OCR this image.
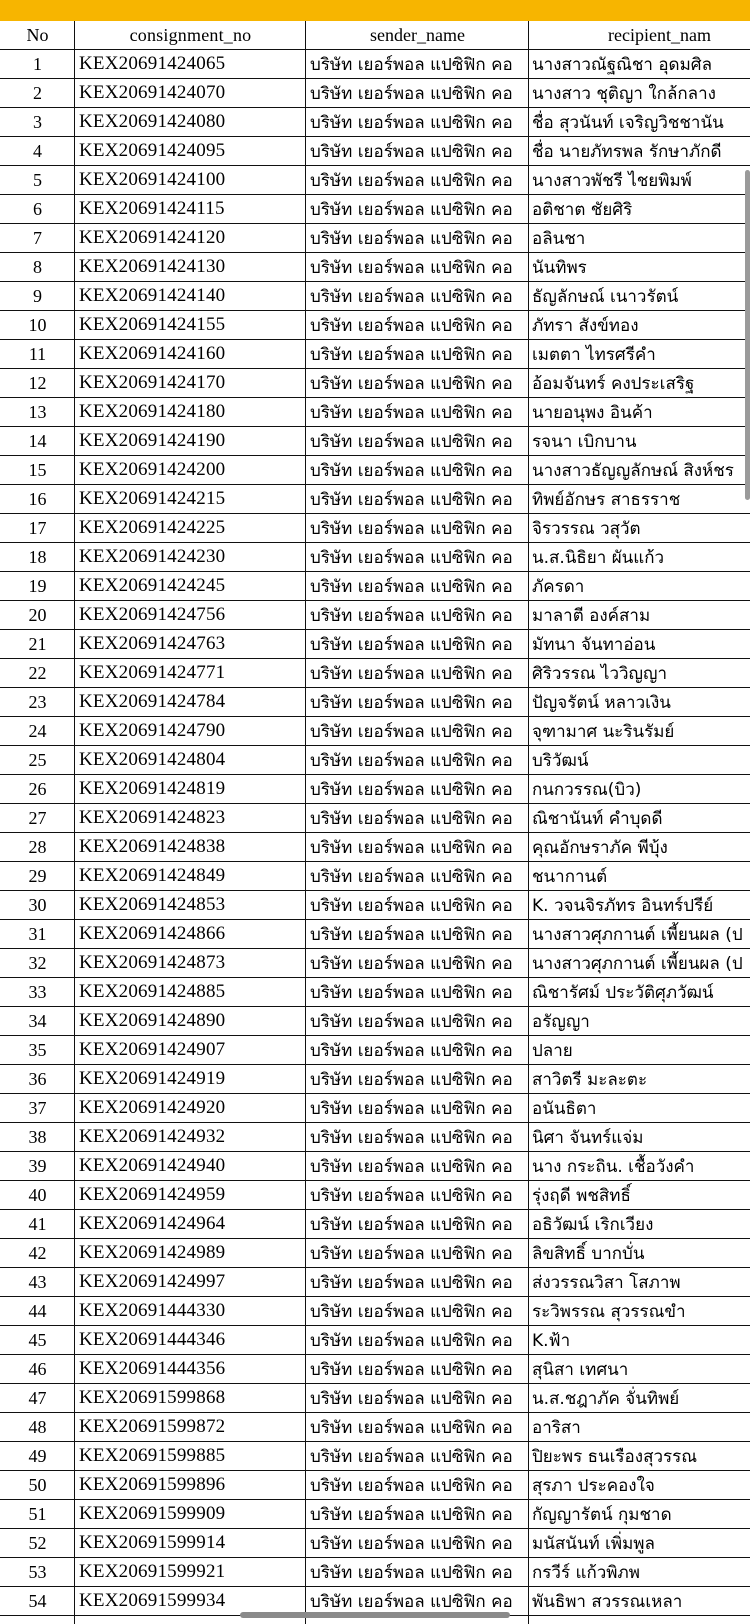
No	consignment_no	sender_name	recipient_nam
1	KEX20691424065	บริษัท เยอร์พอล แปซิฟิก คอ	นางสาวณัฐณิชา อุดมศิล
2	KEX20691424070	บริษัท เยอร์พอล แปซิฟิก คอ	นางสาว ชุติญา ใกล้กลาง
3	KEX20691424080	บริษัท เยอร์พอล แปซิฟิก คอ	ชื่อ สุวนันท์ เจริญวิชชานัน
4	KEX20691424095	บริษัท เยอร์พอล แปซิฟิก คอ	ชื่อ นายภัทรพล รักษาภักดี
5	KEX20691424100	บริษัท เยอร์พอล แปซิฟิก คอ	นางสาวพัชรี ไชยพิมพ์
6	KEX20691424115	บริษัท เยอร์พอล แปซิฟิก คอ	อติชาต ชัยศิริ
7	KEX20691424120	บริษัท เยอร์พอล แปซิฟิก คอ	อลินชา
8	KEX20691424130	บริษัท เยอร์พอล แปซิฟิก คอ	นันทิพร
9	KEX20691424140	บริษัท เยอร์พอล แปซิฟิก คอ	ธัญลักษณ์ เนาวรัตน์
10	KEX20691424155	บริษัท เยอร์พอล แปซิฟิก คอ	ภัทรา สังข์ทอง
11	KEX20691424160	บริษัท เยอร์พอล แปซิฟิก คอ	เมตตา ไทรศรีคำ
12	KEX20691424170	บริษัท เยอร์พอล แปซิฟิก คอ	อ้อมจันทร์ คงประเสริฐ
13	KEX20691424180	บริษัท เยอร์พอล แปซิฟิก คอ	นายอนุพง อินค้า
14	KEX20691424190	บริษัท เยอร์พอล แปซิฟิก คอ	รจนา เบิกบาน
15	KEX20691424200	บริษัท เยอร์พอล แปซิฟิก คอ	นางสาวธัญญลักษณ์ สิงห์ชร
16	KEX20691424215	บริษัท เยอร์พอล แปซิฟิก คอ	ทิพย์อักษร สาธรราช
17	KEX20691424225	บริษัท เยอร์พอล แปซิฟิก คอ	จิรวรรณ วสุวัต
18	KEX20691424230	บริษัท เยอร์พอล แปซิฟิก คอ	น.ส.นิธิยา ผันแก้ว
19	KEX20691424245	บริษัท เยอร์พอล แปซิฟิก คอ	ภัครดา
20	KEX20691424756	บริษัท เยอร์พอล แปซิฟิก คอ	มาลาตี องค์สาม
21	KEX20691424763	บริษัท เยอร์พอล แปซิฟิก คอ	มัทนา จันทาอ่อน
22	KEX20691424771	บริษัท เยอร์พอล แปซิฟิก คอ	ศิริวรรณ ไววิญญา
23	KEX20691424784	บริษัท เยอร์พอล แปซิฟิก คอ	ปัญจรัตน์ หลาวเงิน
24	KEX20691424790	บริษัท เยอร์พอล แปซิฟิก คอ	จุฑามาศ นะรินรัมย์
25	KEX20691424804	บริษัท เยอร์พอล แปซิฟิก คอ	บริวัฒน์
26	KEX20691424819	บริษัท เยอร์พอล แปซิฟิก คอ	กนกวรรณ(บิว)
27	KEX20691424823	บริษัท เยอร์พอล แปซิฟิก คอ	ณิชานันท์ คำบุดดี
28	KEX20691424838	บริษัท เยอร์พอล แปซิฟิก คอ	คุณอักษราภัค พีบุ้ง
29	KEX20691424849	บริษัท เยอร์พอล แปซิฟิก คอ	ชนากานต์
30	KEX20691424853	บริษัท เยอร์พอล แปซิฟิก คอ	K. วจนจิรภัทร อินทร์ปรีย์
31	KEX20691424866	บริษัท เยอร์พอล แปซิฟิก คอ	นางสาวศุภกานต์ เพี้ยนผล (ป
32	KEX20691424873	บริษัท เยอร์พอล แปซิฟิก คอ	นางสาวศุภกานต์ เพี้ยนผล (ป
33	KEX20691424885	บริษัท เยอร์พอล แปซิฟิก คอ	ณิชารัศม์ ประวัติศุภวัฒน์
34	KEX20691424890	บริษัท เยอร์พอล แปซิฟิก คอ	อรัญญา
35	KEX20691424907	บริษัท เยอร์พอล แปซิฟิก คอ	ปลาย
36	KEX20691424919	บริษัท เยอร์พอล แปซิฟิก คอ	สาวิตรี มะละตะ
37	KEX20691424920	บริษัท เยอร์พอล แปซิฟิก คอ	อนันธิตา
38	KEX20691424932	บริษัท เยอร์พอล แปซิฟิก คอ	นิศา จันทร์แจ่ม
39	KEX20691424940	บริษัท เยอร์พอล แปซิฟิก คอ	นาง กระถิน. เชื้อวังคำ
40	KEX20691424959	บริษัท เยอร์พอล แปซิฟิก คอ	รุ่งฤดี พชสิทธิ์
41	KEX20691424964	บริษัท เยอร์พอล แปซิฟิก คอ	อธิวัฒน์ เริกเวียง
42	KEX20691424989	บริษัท เยอร์พอล แปซิฟิก คอ	ลิขสิทธิ์ บากบั่น
43	KEX20691424997	บริษัท เยอร์พอล แปซิฟิก คอ	ส่งวรรณวิสา โสภาพ
44	KEX20691444330	บริษัท เยอร์พอล แปซิฟิก คอ	ระวิพรรณ สุวรรณขำ
45	KEX20691444346	บริษัท เยอร์พอล แปซิฟิก คอ	K.ฟ้า
46	KEX20691444356	บริษัท เยอร์พอล แปซิฟิก คอ	สุนิสา เทศนา
47	KEX20691599868	บริษัท เยอร์พอล แปซิฟิก คอ	น.ส.ชฎาภัค จั่นทิพย์
48	KEX20691599872	บริษัท เยอร์พอล แปซิฟิก คอ	อาริสา
49	KEX20691599885	บริษัท เยอร์พอล แปซิฟิก คอ	ปิยะพร ธนเรืองสุวรรณ
50	KEX20691599896	บริษัท เยอร์พอล แปซิฟิก คอ	สุรภา ประคองใจ
51	KEX20691599909	บริษัท เยอร์พอล แปซิฟิก คอ	กัญญารัตน์ กุมชาด
52	KEX20691599914	บริษัท เยอร์พอล แปซิฟิก คอ	มนัสนันท์ เพิ่มพูล
53	KEX20691599921	บริษัท เยอร์พอล แปซิฟิก คอ	กรวีร์ แก้วพิภพ
54	KEX20691599934	บริษัท เยอร์พอล แปซิฟิก คอ	พันธิพา สวรรณเหลา
